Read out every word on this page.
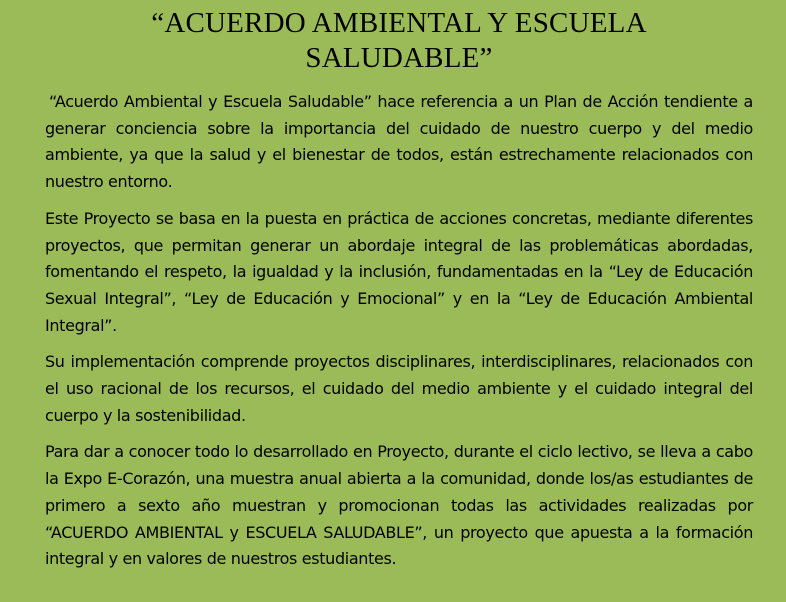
“ACUERDO AMBIENTAL Y ESCUELA
SALUDABLE”

“Acuerdo Ambiental y Escuela Saludable” hace referencia a un Plan de Acción tendiente a generar conciencia sobre la importancia del cuidado de nuestro cuerpo y del medio ambiente, ya que la salud y el bienestar de todos, están estrechamente relacionados con nuestro entorno.

Este Proyecto se basa en la puesta en práctica de acciones concretas, mediante diferentes proyectos, que permitan generar un abordaje integral de las problemáticas abordadas, fomentando el respeto, la igualdad y la inclusión, fundamentadas en la “Ley de Educación Sexual Integral”, “Ley de Educación y Emocional” y en la “Ley de Educación Ambiental Integral”.

Su implementación comprende proyectos disciplinares, interdisciplinares, relacionados con el uso racional de los recursos, el cuidado del medio ambiente y el cuidado integral del cuerpo y la sostenibilidad.

Para dar a conocer todo lo desarrollado en Proyecto, durante el ciclo lectivo, se lleva a cabo la Expo E-Corazón, una muestra anual abierta a la comunidad, donde los/as estudiantes de primero a sexto año muestran y promocionan todas las actividades realizadas por “ACUERDO AMBIENTAL y ESCUELA SALUDABLE”, un proyecto que apuesta a la formación integral y en valores de nuestros estudiantes.
